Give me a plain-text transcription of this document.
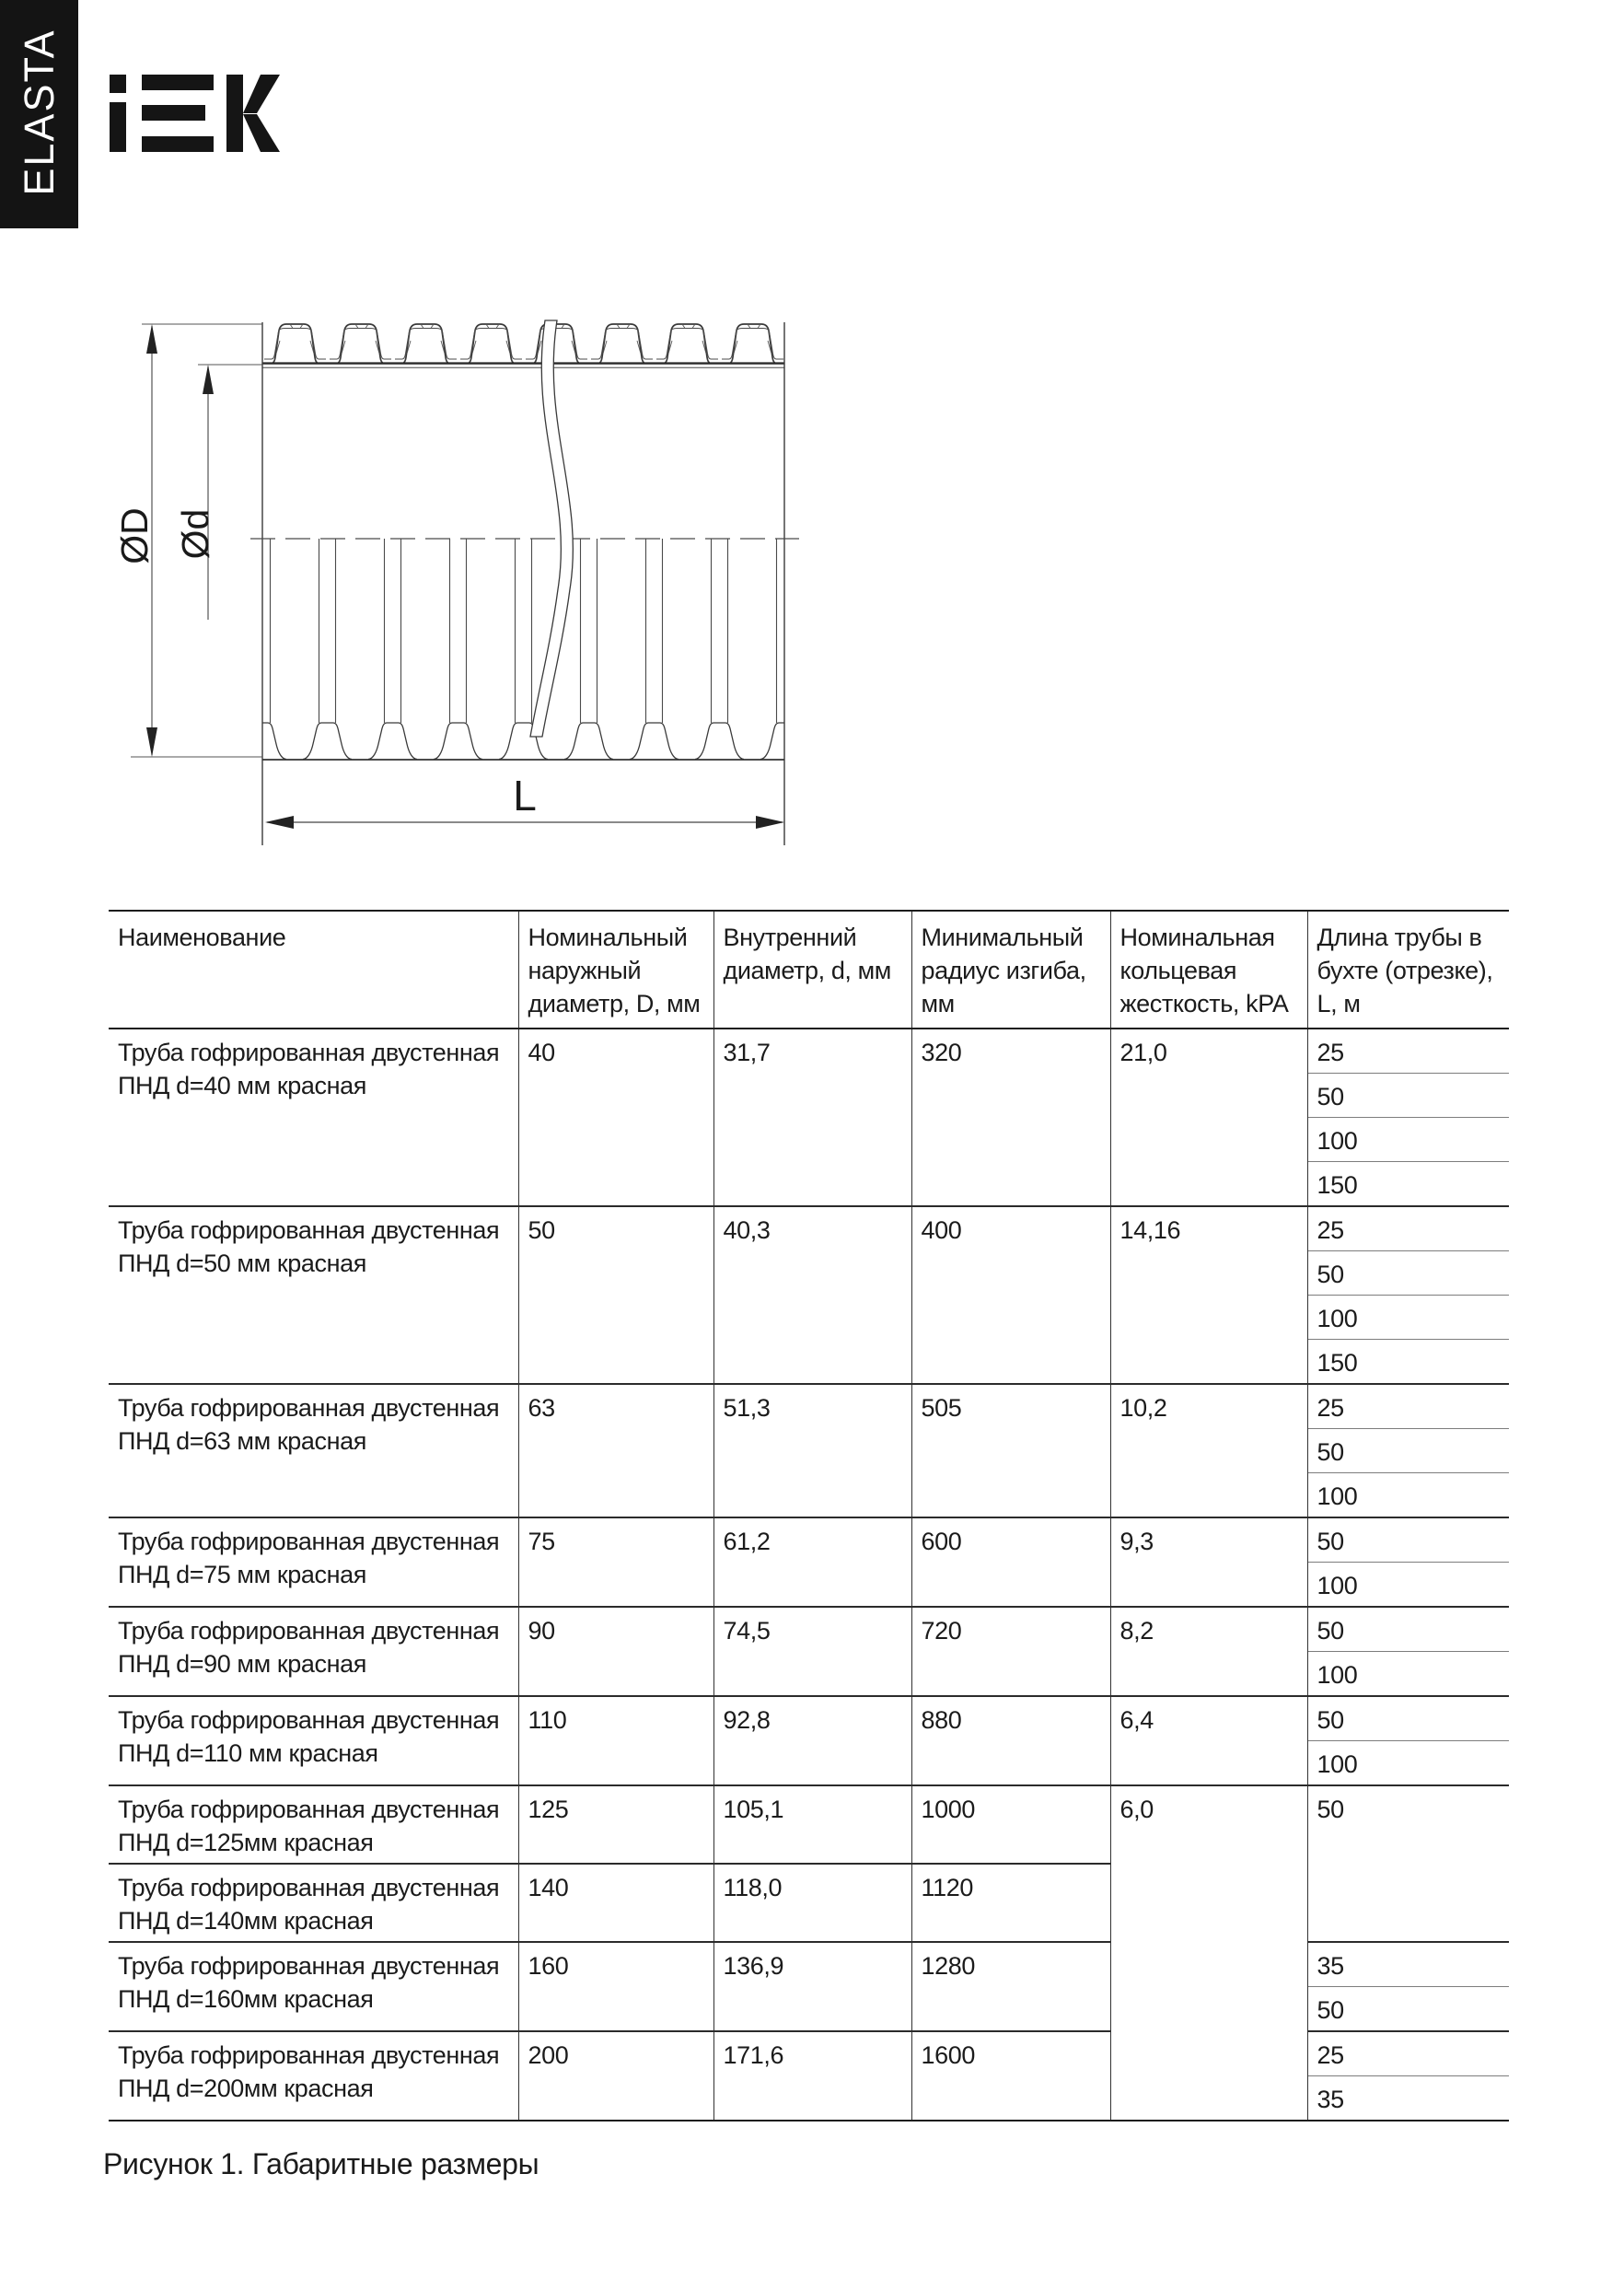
ELASTA
ØD Ød
L
Наименование	Номинальный наружный диаметр, D, мм	Внутренний диаметр, d, мм	Минимальный радиус изгиба, мм	Номинальная кольцевая жесткость, kPA	Длина трубы в бухте (отрезке), L, м
Труба гофрированная двустенная ПНД d=40 мм красная	40	31,7	320	21,0	25
					50
					100
					150
Труба гофрированная двустенная ПНД d=50 мм красная	50	40,3	400	14,16	25
					50
					100
					150
Труба гофрированная двустенная ПНД d=63 мм красная	63	51,3	505	10,2	25
					50
					100
Труба гофрированная двустенная ПНД d=75 мм красная	75	61,2	600	9,3	50
					100
Труба гофрированная двустенная ПНД d=90 мм красная	90	74,5	720	8,2	50
					100
Труба гофрированная двустенная ПНД d=110 мм красная	110	92,8	880	6,4	50
					100
Труба гофрированная двустенная ПНД d=125мм красная	125	105,1	1000	6,0	50
Труба гофрированная двустенная ПНД d=140мм красная	140	118,0	1120		
Труба гофрированная двустенная ПНД d=160мм красная	160	136,9	1280		35
					50
Труба гофрированная двустенная ПНД d=200мм красная	200	171,6	1600		25
					35
Рисунок 1. Габаритные размеры
